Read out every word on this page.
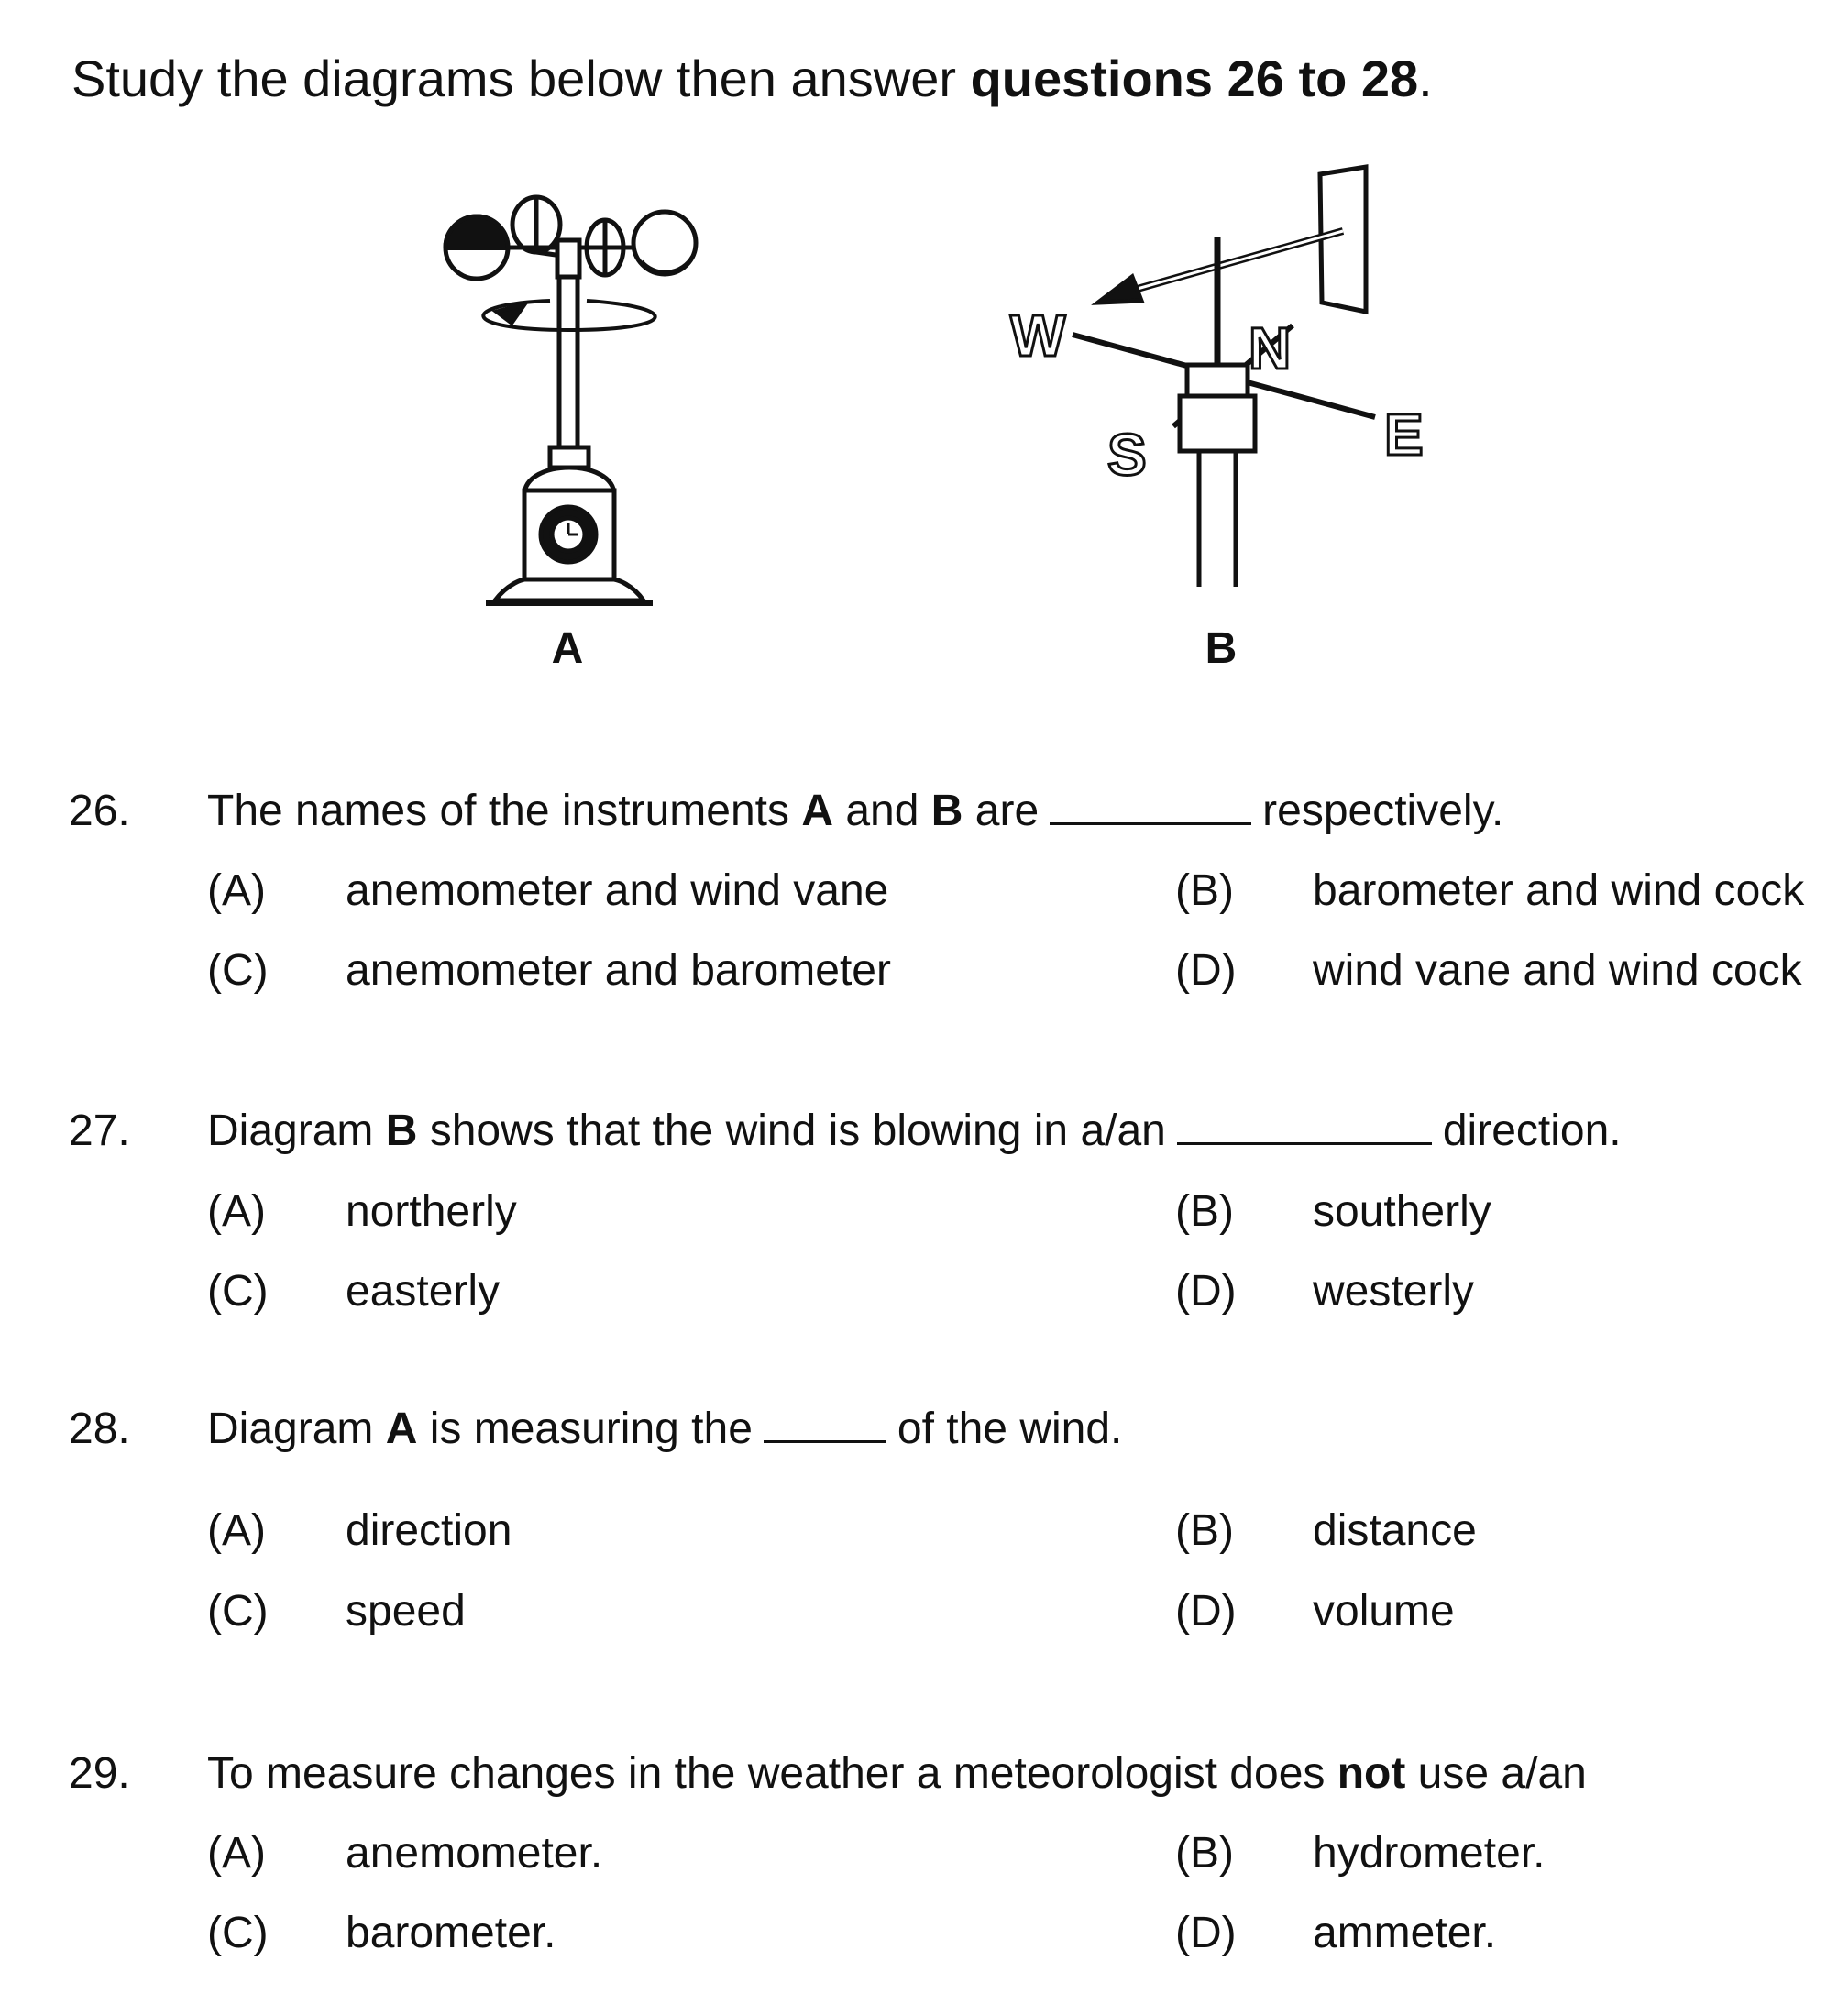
Study the diagrams below then answer questions 26 to 28.
A
W	N
S	E
B
26. The names of the instruments A and B are	respectively.
(A) anemometer and wind vane	(B) barometer and wind cock
(C) anemometer and barometer	(D) wind vane and wind cock
27. Diagram B shows that the wind is blowing in a/an	direction.
(A) northerly	(B) southerly
(C) easterly	(D) westerly
28. Diagram A is measuring the	of the wind.
(A) direction	(B) distance
(C) speed	(D) volume
29. To measure changes in the weather a meteorologist does not use a/an
(A) anemometer.	(B) hydrometer.
(C) barometer.	(D) ammeter.
